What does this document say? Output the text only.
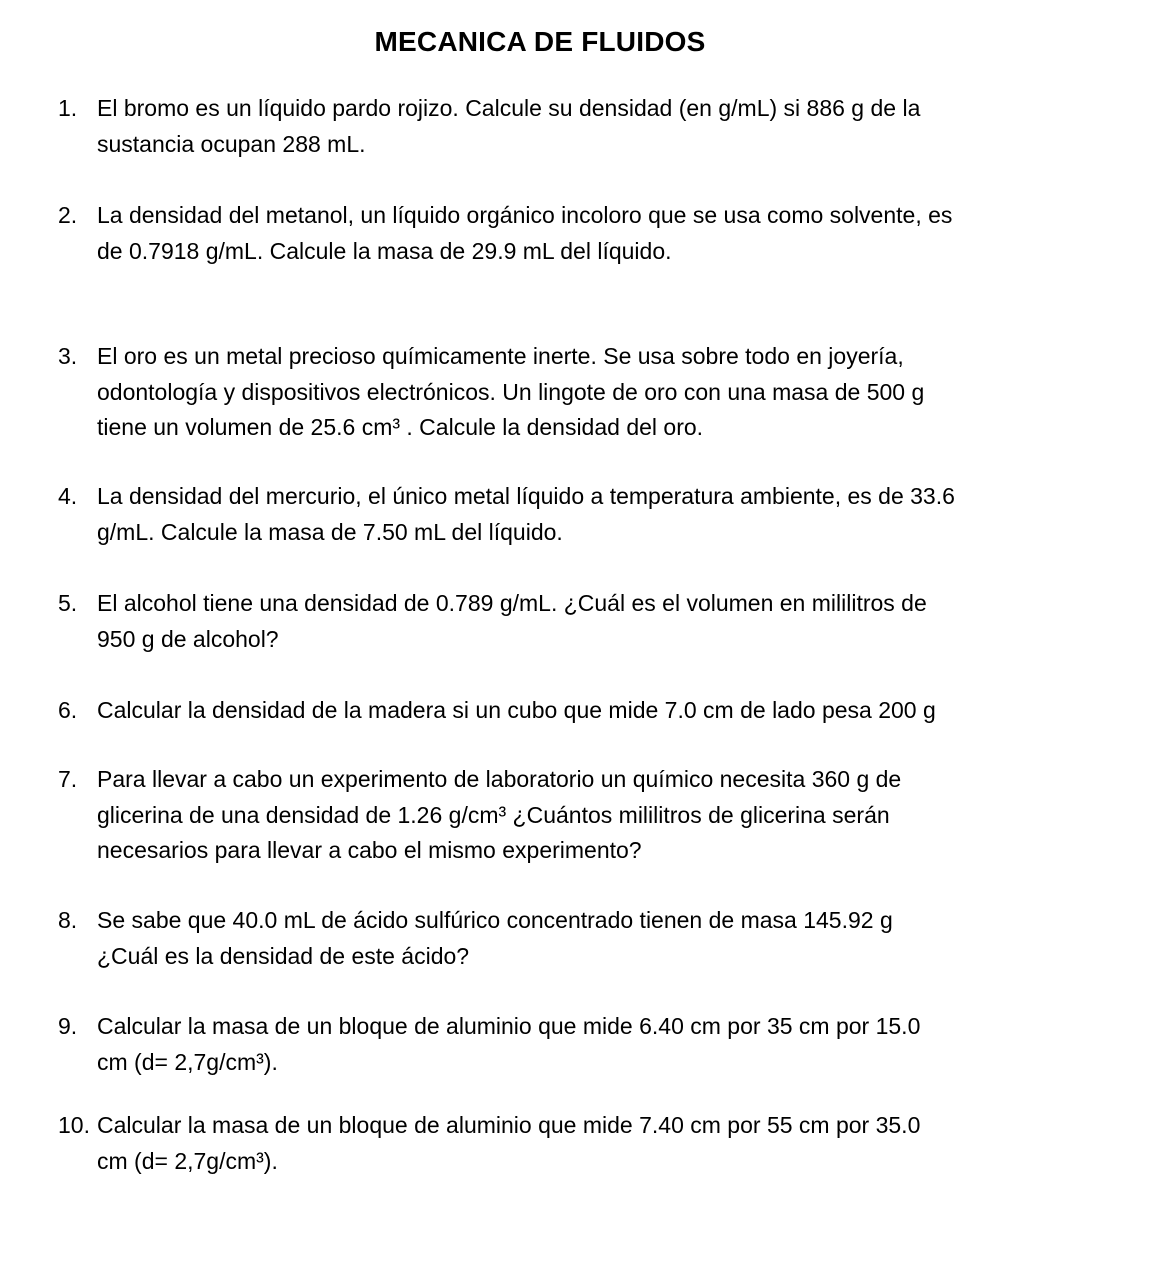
MECANICA DE FLUIDOS
1. El bromo es un líquido pardo rojizo. Calcule su densidad (en g/mL) si 886 g de la
sustancia ocupan 288 mL.
2. La densidad del metanol, un líquido orgánico incoloro que se usa como solvente, es
de 0.7918 g/mL. Calcule la masa de 29.9 mL del líquido.
3. El oro es un metal precioso químicamente inerte. Se usa sobre todo en joyería,
odontología y dispositivos electrónicos. Un lingote de oro con una masa de 500 g
tiene un volumen de 25.6 cm³ . Calcule la densidad del oro.
4. La densidad del mercurio, el único metal líquido a temperatura ambiente, es de 33.6
g/mL. Calcule la masa de 7.50 mL del líquido.
5. El alcohol tiene una densidad de 0.789 g/mL. ¿Cuál es el volumen en mililitros de
950 g de alcohol?
6. Calcular la densidad de la madera si un cubo que mide 7.0 cm de lado pesa 200 g
7. Para llevar a cabo un experimento de laboratorio un químico necesita 360 g de
glicerina de una densidad de 1.26 g/cm³ ¿Cuántos mililitros de glicerina serán
necesarios para llevar a cabo el mismo experimento?
8. Se sabe que 40.0 mL de ácido sulfúrico concentrado tienen de masa 145.92 g
¿Cuál es la densidad de este ácido?
9. Calcular la masa de un bloque de aluminio que mide 6.40 cm por 35 cm por 15.0
cm (d= 2,7g/cm³).
10. Calcular la masa de un bloque de aluminio que mide 7.40 cm por 55 cm por 35.0
cm (d= 2,7g/cm³).
